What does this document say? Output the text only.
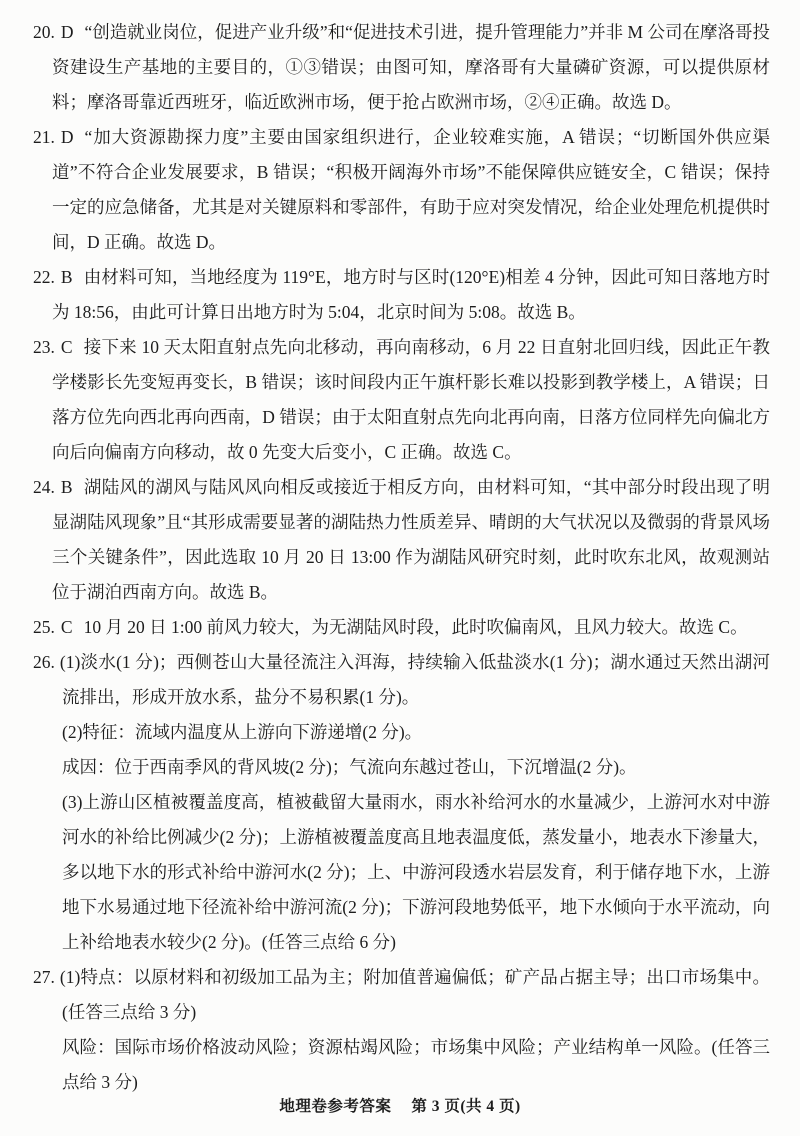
20. D “创造就业岗位，促进产业升级”和“促进技术引进，提升管理能力”并非 M 公司在摩洛哥投资建设生产基地的主要目的，①③错误；由图可知，摩洛哥有大量磷矿资源，可以提供原材料；摩洛哥靠近西班牙，临近欧洲市场，便于抢占欧洲市场，②④正确。故选 D。
21. D “加大资源勘探力度”主要由国家组织进行，企业较难实施，A 错误；“切断国外供应渠道”不符合企业发展要求，B 错误；“积极开阔海外市场”不能保障供应链安全，C 错误；保持一定的应急储备，尤其是对关键原料和零部件，有助于应对突发情况，给企业处理危机提供时间，D 正确。故选 D。
22. B 由材料可知，当地经度为 119°E，地方时与区时(120°E)相差 4 分钟，因此可知日落地方时为 18:56，由此可计算日出地方时为 5:04，北京时间为 5:08。故选 B。
23. C 接下来 10 天太阳直射点先向北移动，再向南移动，6 月 22 日直射北回归线，因此正午教学楼影长先变短再变长，B 错误；该时间段内正午旗杆影长难以投影到教学楼上，A 错误；日落方位先向西北再向西南，D 错误；由于太阳直射点先向北再向南，日落方位同样先向偏北方向后向偏南方向移动，故 0 先变大后变小，C 正确。故选 C。
24. B 湖陆风的湖风与陆风风向相反或接近于相反方向，由材料可知，“其中部分时段出现了明显湖陆风现象”且“其形成需要显著的湖陆热力性质差异、晴朗的大气状况以及微弱的背景风场三个关键条件”，因此选取 10 月 20 日 13:00 作为湖陆风研究时刻，此时吹东北风，故观测站位于湖泊西南方向。故选 B。
25. C 10 月 20 日 1:00 前风力较大，为无湖陆风时段，此时吹偏南风，且风力较大。故选 C。
26. (1)淡水(1 分)；西侧苍山大量径流注入洱海，持续输入低盐淡水(1 分)；湖水通过天然出湖河流排出，形成开放水系，盐分不易积累(1 分)。
(2)特征：流域内温度从上游向下游递增(2 分)。
成因：位于西南季风的背风坡(2 分)；气流向东越过苍山，下沉增温(2 分)。
(3)上游山区植被覆盖度高，植被截留大量雨水，雨水补给河水的水量减少，上游河水对中游河水的补给比例减少(2 分)；上游植被覆盖度高且地表温度低，蒸发量小，地表水下渗量大，多以地下水的形式补给中游河水(2 分)；上、中游河段透水岩层发育，利于储存地下水，上游地下水易通过地下径流补给中游河流(2 分)；下游河段地势低平，地下水倾向于水平流动，向上补给地表水较少(2 分)。(任答三点给 6 分)
27. (1)特点：以原材料和初级加工品为主；附加值普遍偏低；矿产品占据主导；出口市场集中。(任答三点给 3 分)
风险：国际市场价格波动风险；资源枯竭风险；市场集中风险；产业结构单一风险。(任答三点给 3 分)
地理卷参考答案 第 3 页(共 4 页)
